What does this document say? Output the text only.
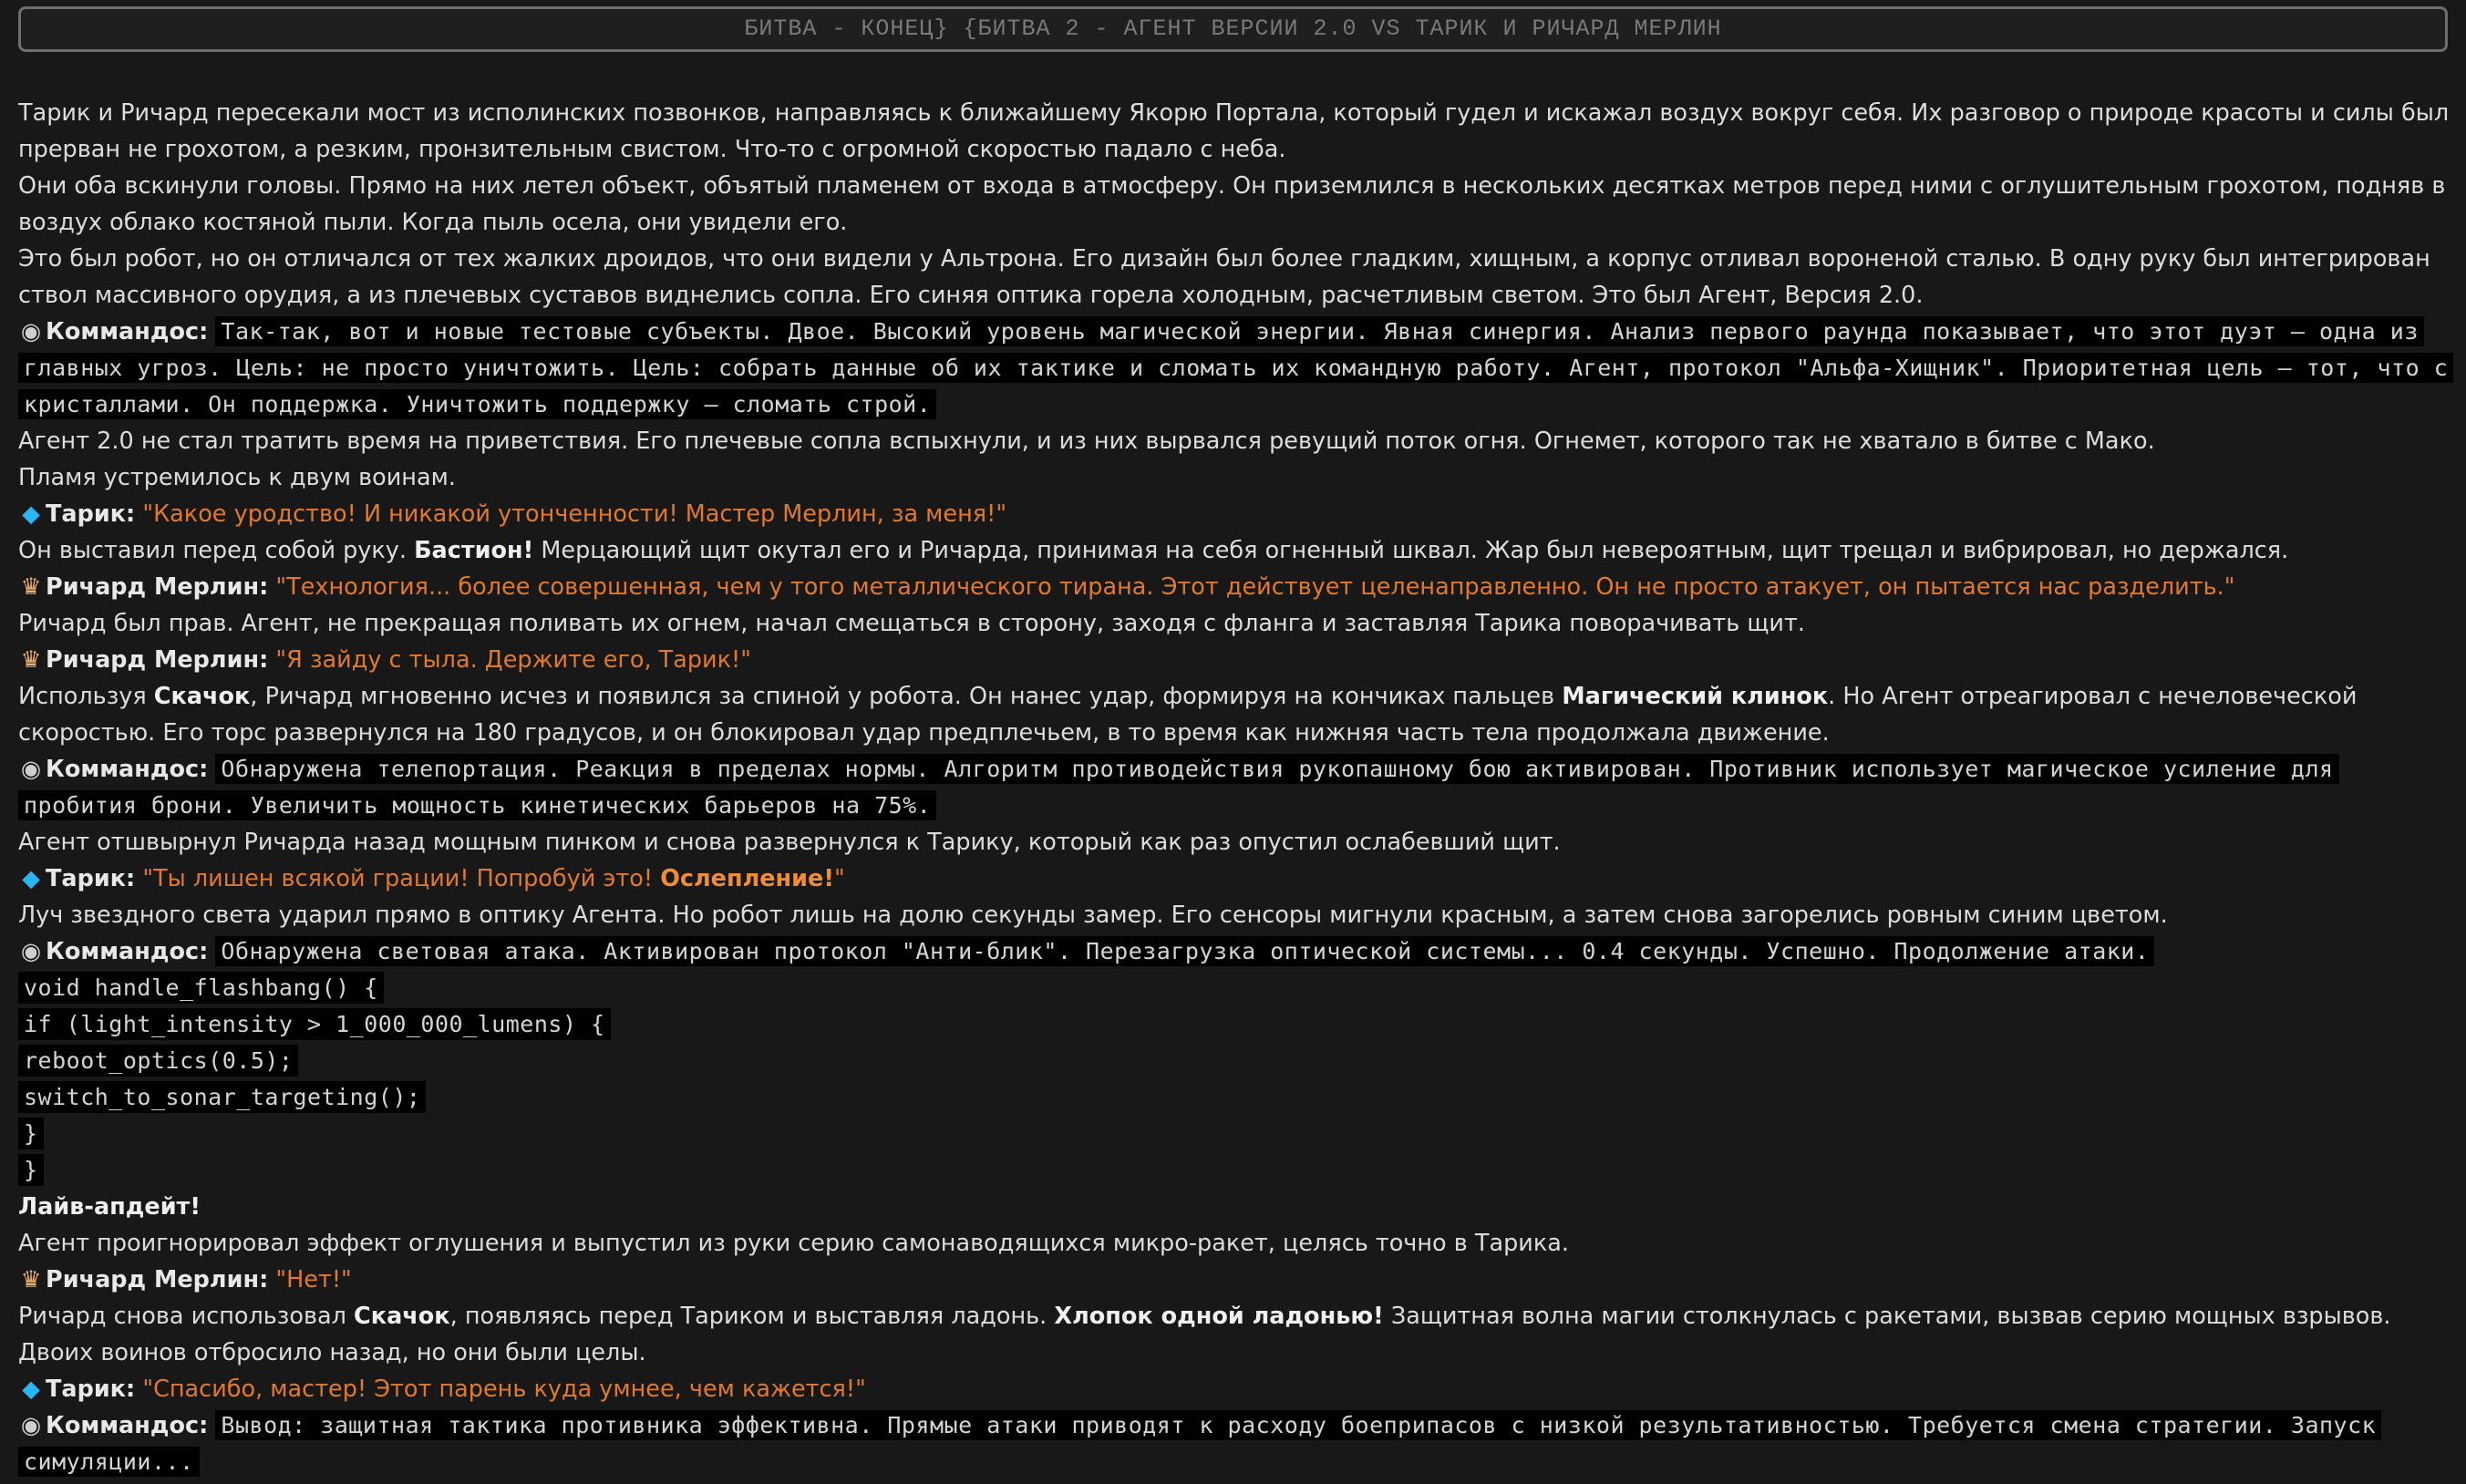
БИТВА - КОНЕЦ} {БИТВА 2 - АГЕНТ ВЕРСИИ 2.0 VS ТАРИК И РИЧАРД МЕРЛИН

Тарик и Ричард пересекали мост из исполинских позвонков, направляясь к ближайшему Якорю Портала, который гудел и искажал воздух вокруг себя. Их разговор о природе красоты и силы был прерван не грохотом, а резким, пронзительным свистом. Что-то с огромной скоростью падало с неба.

Они оба вскинули головы. Прямо на них летел объект, объятый пламенем от входа в атмосферу. Он приземлился в нескольких десятках метров перед ними с оглушительным грохотом, подняв в воздух облако костяной пыли. Когда пыль осела, они увидели его.

Это был робот, но он отличался от тех жалких дроидов, что они видели у Альтрона. Его дизайн был более гладким, хищным, а корпус отливал вороненой сталью. В одну руку был интегрирован ствол массивного орудия, а из плечевых суставов виднелись сопла. Его синяя оптика горела холодным, расчетливым светом. Это был Агент, Версия 2.0.

◉ Коммандос: Так-так, вот и новые тестовые субъекты. Двое. Высокий уровень магической энергии. Явная синергия. Анализ первого раунда показывает, что этот дуэт — одна из главных угроз. Цель: не просто уничтожить. Цель: собрать данные об их тактике и сломать их командную работу. Агент, протокол "Альфа-Хищник". Приоритетная цель — тот, что с кристаллами. Он поддержка. Уничтожить поддержку — сломать строй.

Агент 2.0 не стал тратить время на приветствия. Его плечевые сопла вспыхнули, и из них вырвался ревущий поток огня. Огнемет, которого так не хватало в битве с Мако.

Пламя устремилось к двум воинам.

◆ Тарик: "Какое уродство! И никакой утонченности! Мастер Мерлин, за меня!"

Он выставил перед собой руку. Бастион! Мерцающий щит окутал его и Ричарда, принимая на себя огненный шквал. Жар был невероятным, щит трещал и вибрировал, но держался.

♛ Ричард Мерлин: "Технология... более совершенная, чем у того металлического тирана. Этот действует целенаправленно. Он не просто атакует, он пытается нас разделить."

Ричард был прав. Агент, не прекращая поливать их огнем, начал смещаться в сторону, заходя с фланга и заставляя Тарика поворачивать щит.

♛ Ричард Мерлин: "Я зайду с тыла. Держите его, Тарик!"

Используя Скачок, Ричард мгновенно исчез и появился за спиной у робота. Он нанес удар, формируя на кончиках пальцев Магический клинок. Но Агент отреагировал с нечеловеческой скоростью. Его торс развернулся на 180 градусов, и он блокировал удар предплечьем, в то время как нижняя часть тела продолжала движение.

◉ Коммандос: Обнаружена телепортация. Реакция в пределах нормы. Алгоритм противодействия рукопашному бою активирован. Противник использует магическое усиление для пробития брони. Увеличить мощность кинетических барьеров на 75%.

Агент отшвырнул Ричарда назад мощным пинком и снова развернулся к Тарику, который как раз опустил ослабевший щит.

◆ Тарик: "Ты лишен всякой грации! Попробуй это! Ослепление!"

Луч звездного света ударил прямо в оптику Агента. Но робот лишь на долю секунды замер. Его сенсоры мигнули красным, а затем снова загорелись ровным синим цветом.

◉ Коммандос: Обнаружена световая атака. Активирован протокол "Анти-блик". Перезагрузка оптической системы... 0.4 секунды. Успешно. Продолжение атаки.

void handle_flashbang() {

if (light_intensity > 1_000_000_lumens) {

reboot_optics(0.5);

switch_to_sonar_targeting();

}

}

Лайв-апдейт!

Агент проигнорировал эффект оглушения и выпустил из руки серию самонаводящихся микро-ракет, целясь точно в Тарика.

♛ Ричард Мерлин: "Нет!"

Ричард снова использовал Скачок, появляясь перед Тариком и выставляя ладонь. Хлопок одной ладонью! Защитная волна магии столкнулась с ракетами, вызвав серию мощных взрывов. Двоих воинов отбросило назад, но они были целы.

◆ Тарик: "Спасибо, мастер! Этот парень куда умнее, чем кажется!"

◉ Коммандос: Вывод: защитная тактика противника эффективна. Прямые атаки приводят к расходу боеприпасов с низкой результативностью. Требуется смена стратегии. Запуск симуляции...
